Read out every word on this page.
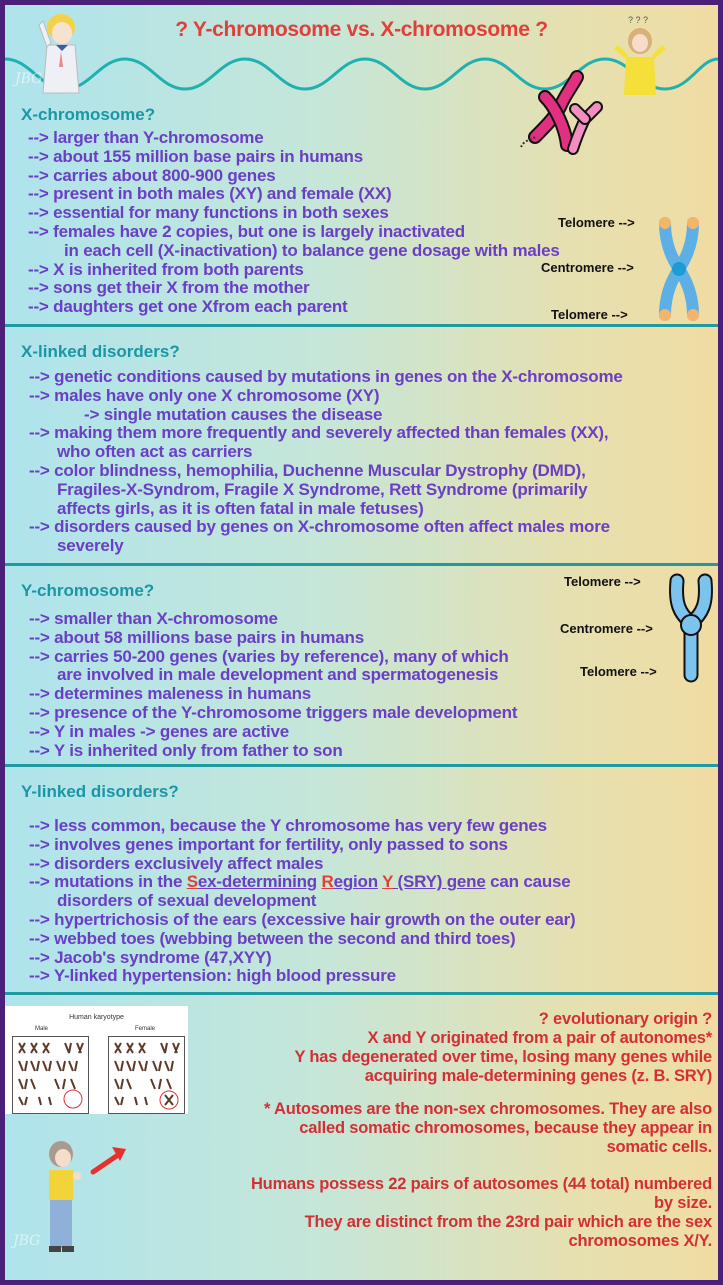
? Y-chromosome vs. X-chromosome ?	? ? ?
JBG
X-chromosome?
--> larger than Y-chromosome
--> about 155 million base pairs in humans
--> carries about 800-900 genes
--> present in both males (XY) and female (XX)
--> essential for many functions in both sexes
--> females have 2 copies, but one is largely inactivated
in each cell (X-inactivation) to balance gene dosage with males
--> X is inherited from both parents
--> sons get their X from the mother
--> daughters get one Xfrom each parent
Telomere -->
Centromere -->
Telomere -->
X-linked disorders?
--> genetic conditions caused by mutations in genes on the X-chromosome
--> males have only one X chromosome (XY)
-> single mutation causes the disease
--> making them more frequently and severely affected than females (XX),
who often act as carriers
--> color blindness, hemophilia, Duchenne Muscular Dystrophy (DMD),
Fragiles-X-Syndrom, Fragile X Syndrome, Rett Syndrome (primarily
affects girls, as it is often fatal in male fetuses)
--> disorders caused by genes on X-chromosome often affect males more
severely
Y-chromosome?
--> smaller than X-chromosome
--> about 58 millions base pairs in humans
--> carries 50-200 genes (varies by reference), many of which
are involved in male development and spermatogenesis
--> determines maleness in humans
--> presence of the Y-chromosome triggers male development
--> Y in males -> genes are active
--> Y is inherited only from father to son
Telomere -->
Centromere -->
Telomere -->
Y-linked disorders?
--> less common, because the Y chromosome has very few genes
--> involves genes important for fertility, only passed to sons
--> disorders exclusively affect males
--> mutations in the Sex-determining Region Y (SRY) gene can cause
disorders of sexual development
--> hypertrichosis of the ears (excessive hair growth on the outer ear)
--> webbed toes (webbing between the second and third toes)
--> Jacob's syndrome (47,XYY)
--> Y-linked hypertension: high blood pressure
Human karyotype
Male	Female
JBG
? evolutionary origin ?
X and Y originated from a pair of autonomes*
Y has degenerated over time, losing many genes while
acquiring male-determining genes (z. B. SRY)
* Autosomes are the non-sex chromosomes. They are also
called somatic chromosomes, because they appear in
somatic cells.
Humans possess 22 pairs of autosomes (44 total) numbered
by size.
They are distinct from the 23rd pair which are the sex
chromosomes X/Y.
